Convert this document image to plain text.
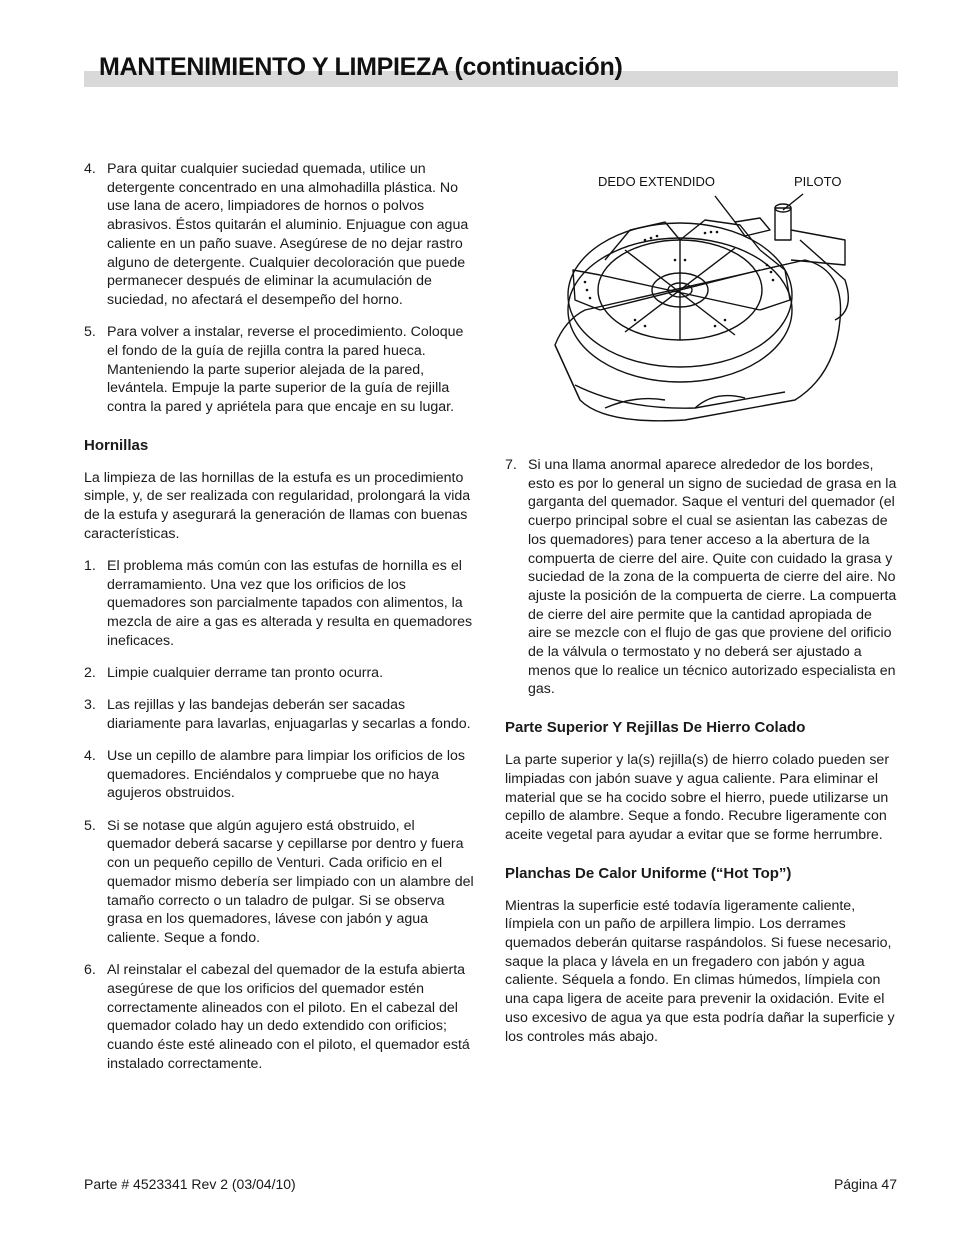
MANTENIMIENTO Y LIMPIEZA (continuación)
4. Para quitar cualquier suciedad quemada, utilice un detergente concentrado en una almohadilla plástica. No use lana de acero, limpiadores de hornos o polvos abrasivos. Éstos quitarán el aluminio. Enjuague con agua caliente en un paño suave. Asegúrese de no dejar rastro alguno de detergente. Cualquier decoloración que puede permanecer después de eliminar la acumulación de suciedad, no afectará el desempeño del horno.
5. Para volver a instalar, reverse el procedimiento. Coloque el fondo de la guía de rejilla contra la pared hueca. Manteniendo la parte superior alejada de la pared, levántela. Empuje la parte superior de la guía de rejilla contra la pared y apriétela para que encaje en su lugar.
Hornillas
La limpieza de las hornillas de la estufa es un procedimiento simple, y, de ser realizada con regularidad, prolongará la vida de la estufa y asegurará la generación de llamas con buenas características.
1. El problema más común con las estufas de hornilla es el derramamiento. Una vez que los orificios de los quemadores son parcialmente tapados con alimentos, la mezcla de aire a gas es alterada y resulta en quemadores ineficaces.
2. Limpie cualquier derrame tan pronto ocurra.
3. Las rejillas y las bandejas deberán ser sacadas diariamente para lavarlas, enjuagarlas y secarlas a fondo.
4. Use un cepillo de alambre para limpiar los orificios de los quemadores. Enciéndalos y compruebe que no haya agujeros obstruidos.
5. Si se notase que algún agujero está obstruido, el quemador deberá sacarse y cepillarse por dentro y fuera con un pequeño cepillo de Venturi. Cada orificio en el quemador mismo debería ser limpiado con un alambre del tamaño correcto o un taladro de pulgar. Si se observa grasa en los quemadores, lávese con jabón y agua caliente. Seque a fondo.
6. Al reinstalar el cabezal del quemador de la estufa abierta asegúrese de que los orificios del quemador estén correctamente alineados con el piloto. En el cabezal del quemador colado hay un dedo extendido con orificios; cuando éste esté alineado con el piloto, el quemador está instalado correctamente.
DEDO EXTENDIDO	PILOTO
7. Si una llama anormal aparece alrededor de los bordes, esto es por lo general un signo de suciedad de grasa en la garganta del quemador. Saque el venturi del quemador (el cuerpo principal sobre el cual se asientan las cabezas de los quemadores) para tener acceso a la abertura de la compuerta de cierre del aire. Quite con cuidado la grasa y suciedad de la zona de la compuerta de cierre del aire. No ajuste la posición de la compuerta de cierre. La compuerta de cierre del aire permite que la cantidad apropiada de aire se mezcle con el flujo de gas que proviene del orificio de la válvula o termostato y no deberá ser ajustado a menos que lo realice un técnico autorizado especialista en gas.
Parte Superior Y Rejillas De Hierro Colado
La parte superior y la(s) rejilla(s) de hierro colado pueden ser limpiadas con jabón suave y agua caliente. Para eliminar el material que se ha cocido sobre el hierro, puede utilizarse un cepillo de alambre. Seque a fondo. Recubre ligeramente con aceite vegetal para ayudar a evitar que se forme herrumbre.
Planchas De Calor Uniforme (“Hot Top”)
Mientras la superficie esté todavía ligeramente caliente, límpiela con un paño de arpillera limpio. Los derrames quemados deberán quitarse raspándolos. Si fuese necesario, saque la placa y lávela en un fregadero con jabón y agua caliente. Séquela a fondo. En climas húmedos, límpiela con una capa ligera de aceite para prevenir la oxidación. Evite el uso excesivo de agua ya que esta podría dañar la superficie y los controles más abajo.
Parte # 4523341 Rev 2 (03/04/10)	Página 47
